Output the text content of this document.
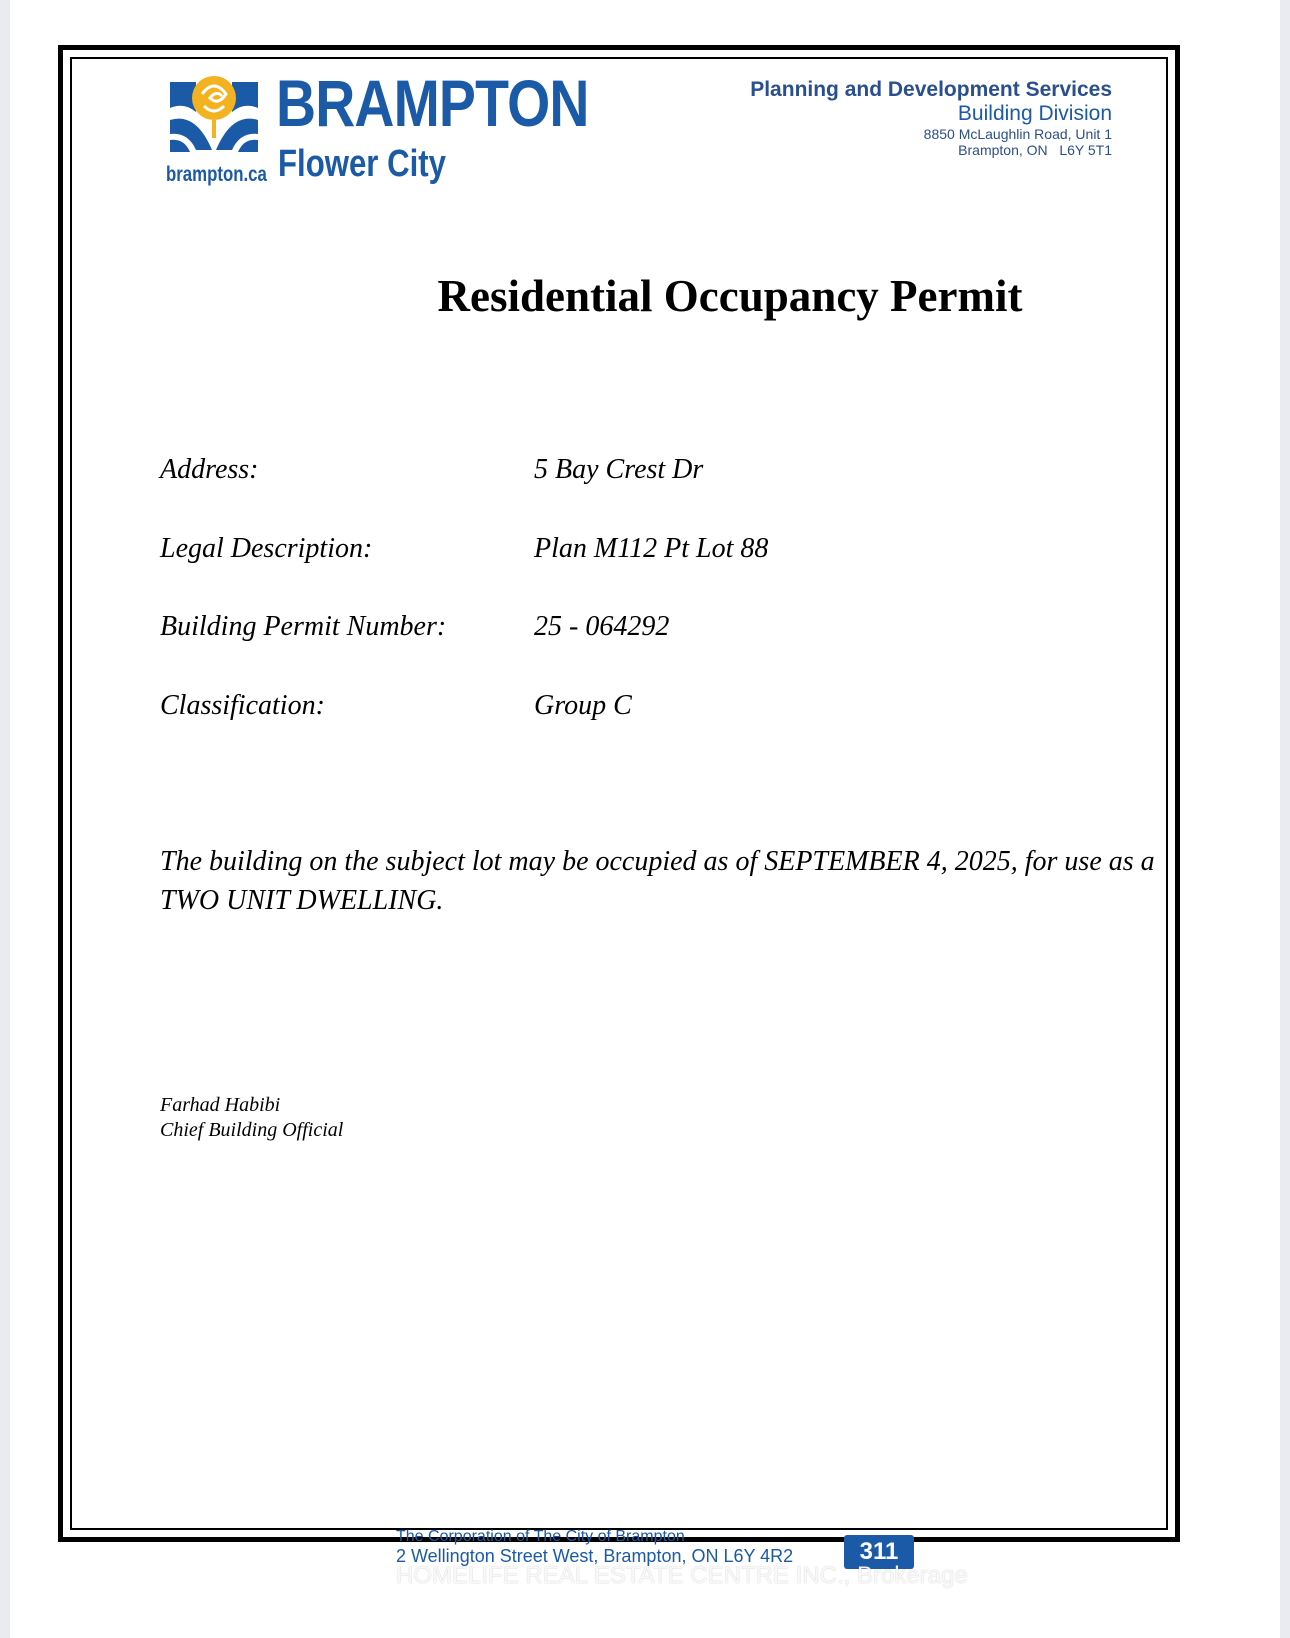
BRAMPTON
Flower City
brampton.ca
Planning and Development Services
Building Division
8850 McLaughlin Road, Unit 1
Brampton, ON   L6Y 5T1
Residential Occupancy Permit
Address:	5 Bay Crest Dr
Legal Description:	Plan M112 Pt Lot 88
Building Permit Number:	25 - 064292
Classification:	Group C
The building on the subject lot may be occupied as of SEPTEMBER 4, 2025, for use as a TWO UNIT DWELLING.
Farhad Habibi
Chief Building Official
The Corporation of The City of Brampton
2 Wellington Street West, Brampton, ON L6Y 4R2	311
HOMELIFE REAL ESTATE CENTRE INC., Brokerage
